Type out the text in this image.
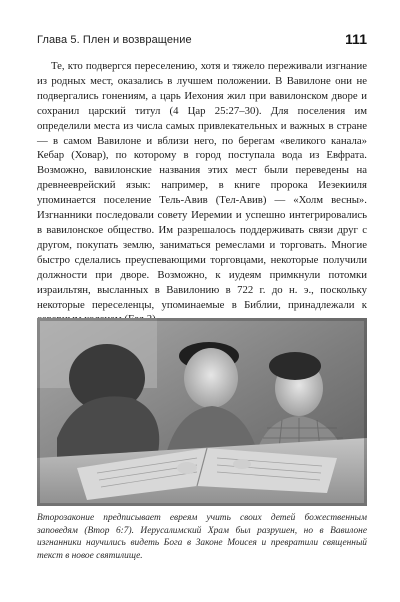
Глава 5. Плен и возвращение	111

Те, кто подвергся переселению, хотя и тяжело переживали изгнание из родных мест, оказались в лучшем положении. В Вавилоне они не подвергались гонениям, а царь Иехония жил при вавилонском дворе и сохранил царский титул (4 Цар 25:27–30). Для поселения им определили места из числа самых привлекательных и важных в стране — в самом Вавилоне и вблизи него, по берегам «великого канала» Кебар (Ховар), по которому в город поступала вода из Евфрата. Возможно, вавилонские названия этих мест были переведены на древнееврейский язык: например, в книге пророка Иезекииля упоминается поселение Тель-Авив (Тел-Авив) — «Холм весны». Изгнанники последовали совету Иеремии и успешно интегрировались в вавилонское общество. Им разрешалось поддерживать связи друг с другом, покупать землю, заниматься ремеслами и торговать. Многие быстро сделались преуспевающими торговцами, некоторые получили должности при дворе. Возможно, к иудеям примкнули потомки израильтян, высланных в Вавилонию в 722 г. до н. э., поскольку некоторые переселенцы, упоминаемые в Библии, принадлежали к

Второзаконие предписывает евреям учить своих детей божественным заповедям (Втор 6:7). Иерусалимский Храм был разрушен, но в Вавилоне изгнанники научились видеть Бога в Законе Моисея и превратили священный текст в новое святилище.
